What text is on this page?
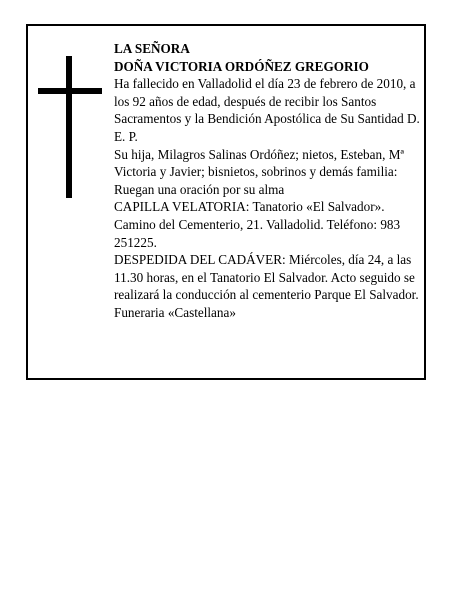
LA SEÑORA

DOÑA VICTORIA ORDÓÑEZ GREGORIO

Ha fallecido en Valladolid el día 23 de febrero de 2010, a los 92 años de edad, después de recibir los Santos Sacramentos y la Bendición Apostólica de Su Santidad D. E. P.

Su hija, Milagros Salinas Ordóñez; nietos, Esteban, Mª Victoria y Javier; bisnietos, sobrinos y demás familia:

Ruegan una oración por su alma

CAPILLA VELATORIA: Tanatorio «El Salvador». Camino del Cementerio, 21. Valladolid. Teléfono: 983 251225.

DESPEDIDA DEL CADÁVER: Miércoles, día 24, a las 11.30 horas, en el Tanatorio El Salvador. Acto seguido se realizará la conducción al cementerio Parque El Salvador.

Funeraria «Castellana»
